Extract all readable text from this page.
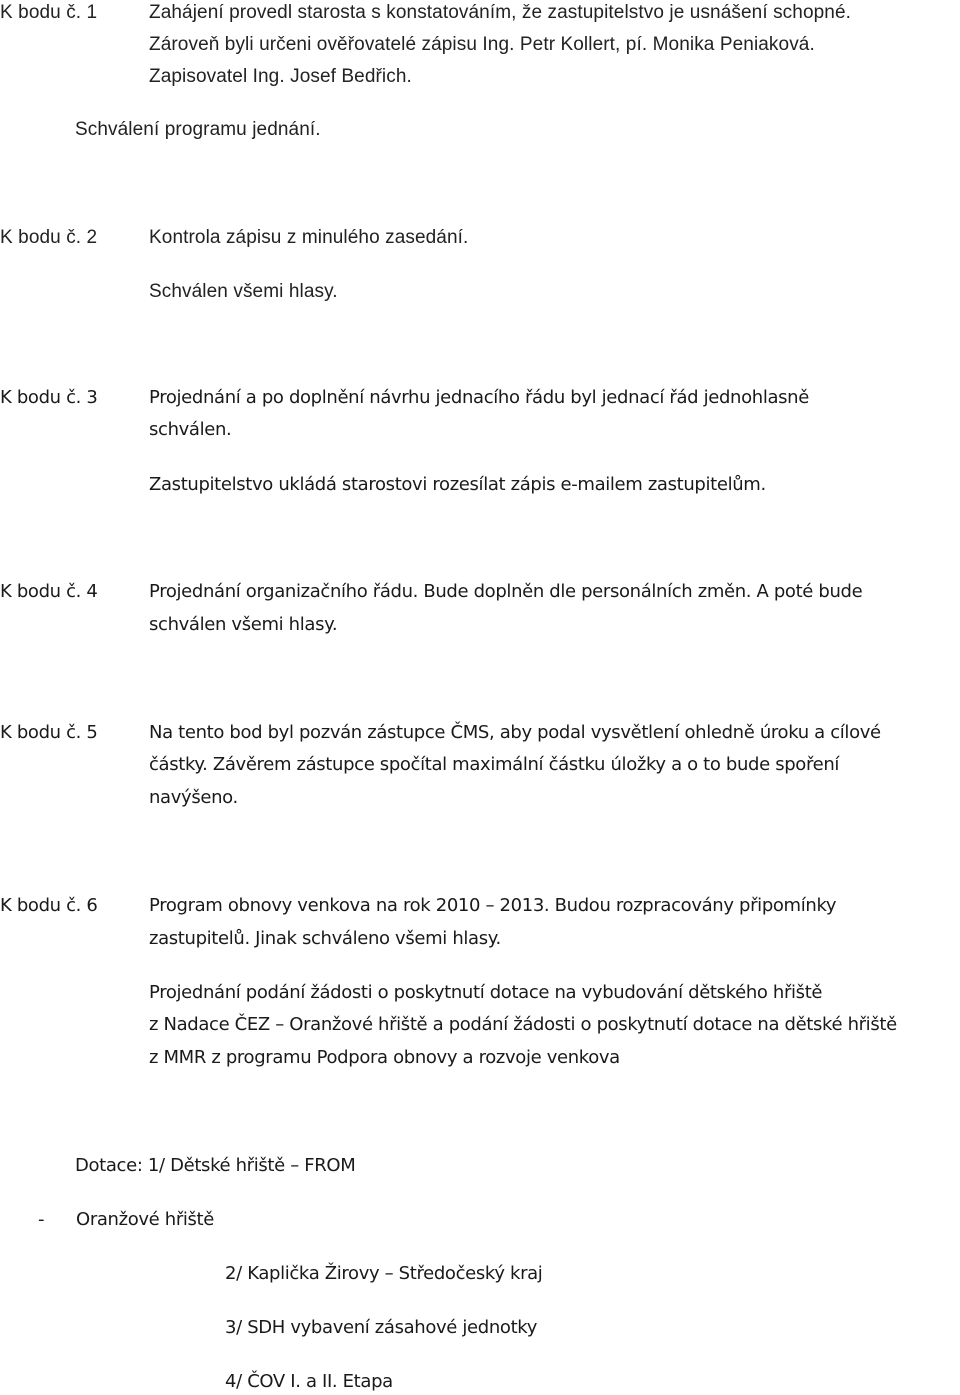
K bodu č. 1	Zahájení provedl starosta s konstatováním, že zastupitelstvo je usnášení schopné.
Zároveň byli určeni ověřovatelé zápisu Ing. Petr Kollert, pí. Monika Peniaková.
Zapisovatel Ing. Josef Bedřich.
Schválení programu jednání.
K bodu č. 2	Kontrola zápisu z minulého zasedání.
Schválen všemi hlasy.
K bodu č. 3	Projednání a po doplnění návrhu jednacího řádu byl jednací řád jednohlasně
schválen.
Zastupitelstvo ukládá starostovi rozesílat zápis e-mailem zastupitelům.
K bodu č. 4	Projednání organizačního řádu. Bude doplněn dle personálních změn. A poté bude
schválen všemi hlasy.
K bodu č. 5	Na tento bod byl pozván zástupce ČMS, aby podal vysvětlení ohledně úroku a cílové
částky. Závěrem zástupce spočítal maximální částku úložky a o to bude spoření
navýšeno.
K bodu č. 6	Program obnovy venkova na rok 2010 – 2013. Budou rozpracovány připomínky
zastupitelů. Jinak schváleno všemi hlasy.
Projednání podání žádosti o poskytnutí dotace na vybudování dětského hřiště
z Nadace ČEZ – Oranžové hřiště a podání žádosti o poskytnutí dotace na dětské hřiště
z MMR z programu Podpora obnovy a rozvoje venkova
Dotace: 1/ Dětské hřiště – FROM
- Oranžové hřiště
2/ Kaplička Žirovy – Středočeský kraj
3/ SDH vybavení zásahové jednotky
4/ ČOV I. a II. Etapa
